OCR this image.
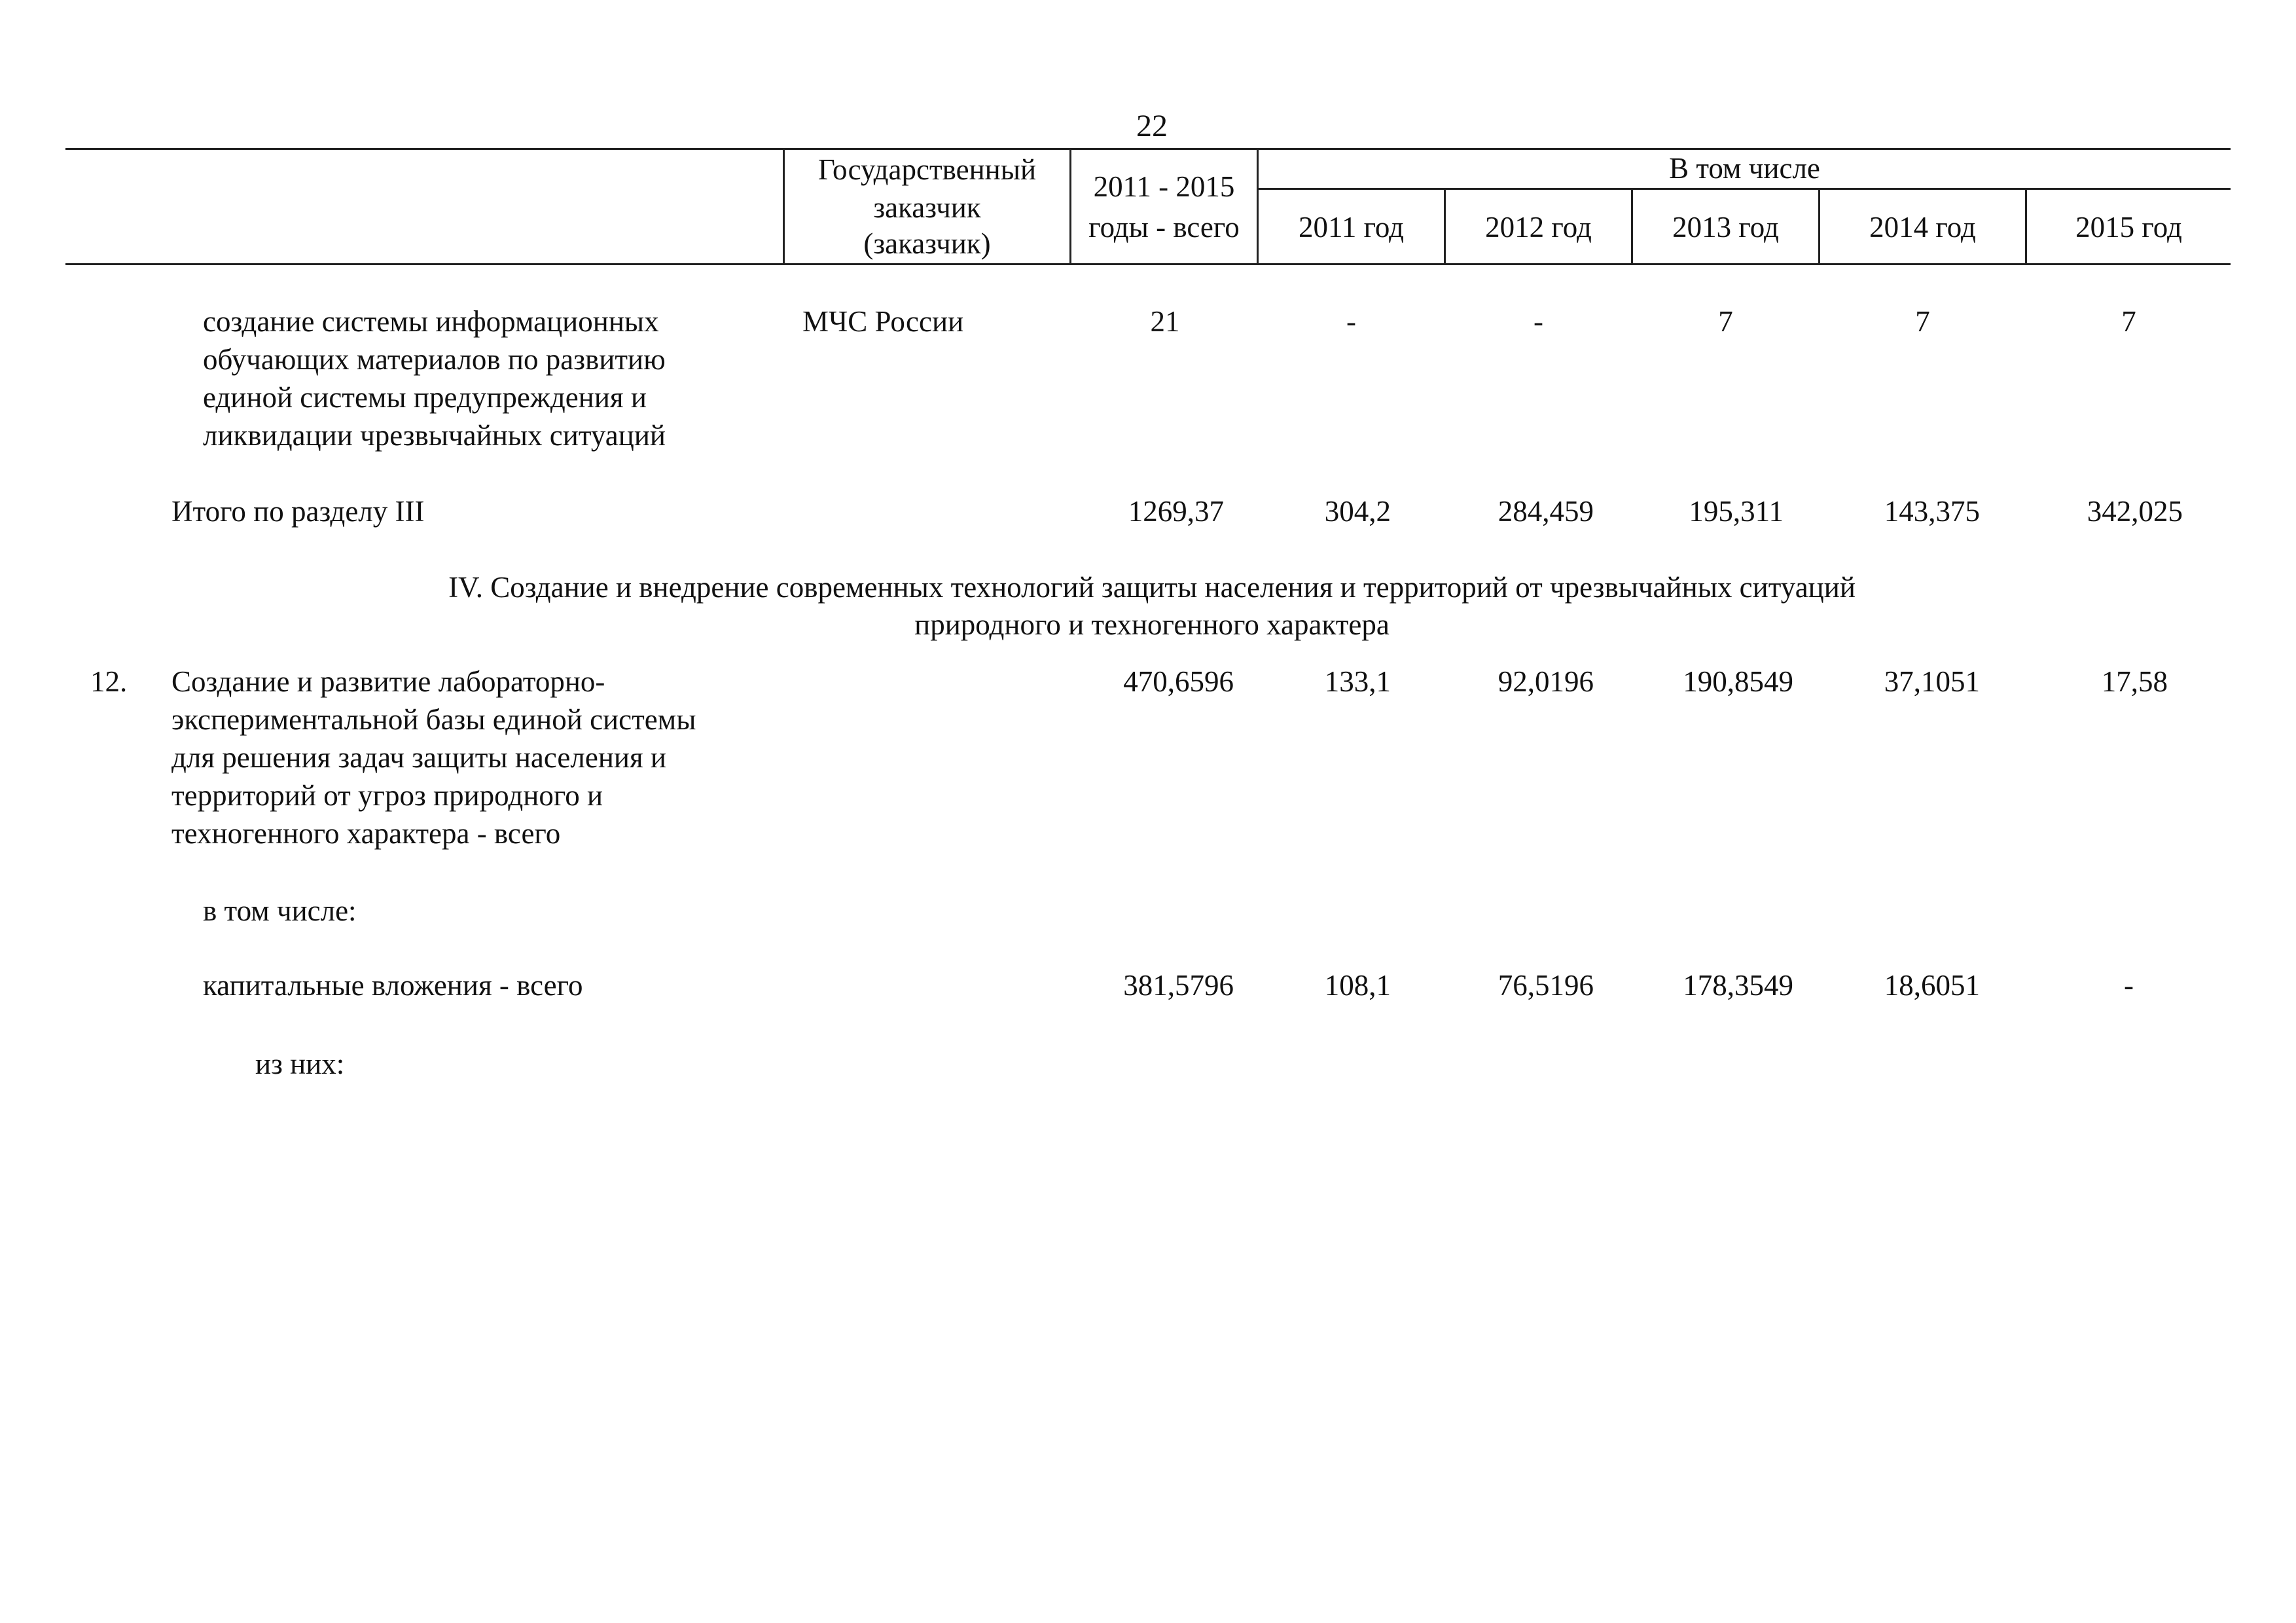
22
Государственный
заказчик
(заказчик)
2011 - 2015
годы - всего
В том числе
2011 год	2012 год	2013 год	2014 год	2015 год
создание системы информационных
обучающих материалов по развитию
единой системы предупреждения и
ликвидации чрезвычайных ситуаций
МЧС России	21	-	-	7	7	7
Итого по разделу III	1269,37	304,2	284,459	195,311	143,375	342,025
IV. Создание и внедрение современных технологий защиты населения и территорий от чрезвычайных ситуаций
природного и техногенного характера
12. Создание и развитие лабораторно-
экспериментальной базы единой системы
для решения задач защиты населения и
территорий от угроз природного и
техногенного характера - всего
470,6596	133,1	92,0196	190,8549	37,1051	17,58
в том числе:
капитальные вложения - всего	381,5796	108,1	76,5196	178,3549	18,6051	-
из них:
